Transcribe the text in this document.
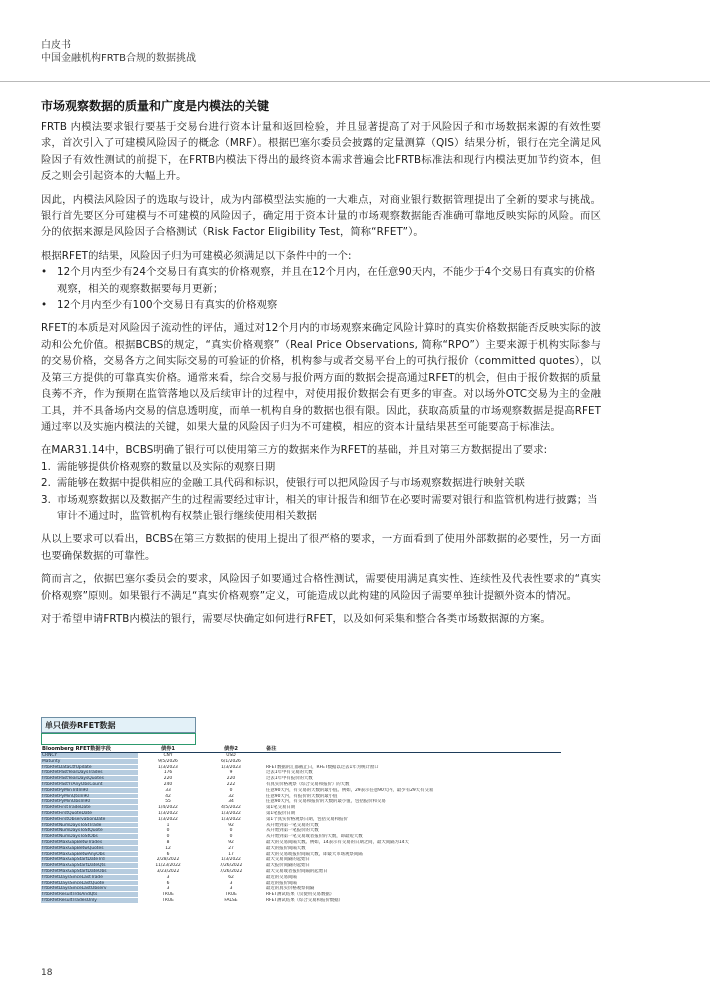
白皮书
中国金融机构FRTB合规的数据挑战
市场观察数据的质量和广度是内模法的关键
FRTB 内模法要求银行要基于交易台进行资本计量和返回检验，并且显著提高了对于风险因子和市场数据来源的有效性要求，首次引入了可建模风险因子的概念（MRF）。根据巴塞尔委员会披露的定量测算（QIS）结果分析，银行在完全满足风险因子有效性测试的前提下，在FRTB内模法下得出的最终资本需求普遍会比FRTB标准法和现行内模法更加节约资本，但反之则会引起资本的大幅上升。
因此，内模法风险因子的选取与设计，成为内部模型法实施的一大难点，对商业银行数据管理提出了全新的要求与挑战。银行首先要区分可建模与不可建模的风险因子，确定用于资本计量的市场观察数据能否准确可靠地反映实际的风险。而区分的依据来源是风险因子合格测试（Risk Factor Eligibility Test，简称“RFET”）。
根据RFET的结果，风险因子归为可建模必须满足以下条件中的一个:
• 12个月内至少有24个交易日有真实的价格观察，并且在12个月内，在任意90天内，不能少于4个交易日有真实的价格观察，相关的观察数据要每月更新；
• 12个月内至少有100个交易日有真实的价格观察
RFET的本质是对风险因子流动性的评估，通过对12个月内的市场观察来确定风险计算时的真实价格数据能否反映实际的波动和公允价值。根据BCBS的规定，“真实价格观察”（Real Price Observations, 简称“RPO”）主要来源于机构实际参与的交易价格，交易各方之间实际交易的可验证的价格，机构参与或者交易平台上的可执行报价（committed quotes），以及第三方提供的可靠真实价格。通常来看，综合交易与报价两方面的数据会提高通过RFET的机会，但由于报价数据的质量良莠不齐，作为预期在监管落地以及后续审计的过程中，对使用报价数据会有更多的审查。对以场外OTC交易为主的金融工具，并不具备场内交易的信息透明度，而单一机构自身的数据也很有限。因此，获取高质量的市场观察数据是提高RFET通过率以及实施内模法的关键，如果大量的风险因子归为不可建模，相应的资本计量结果甚至可能要高于标准法。
在MAR31.14中，BCBS明确了银行可以使用第三方的数据来作为RFET的基础，并且对第三方数据提出了要求:
1. 需能够提供价格观察的数量以及实际的观察日期
2. 需能够在数据中提供相应的金融工具代码和标识，使银行可以把风险因子与市场观察数据进行映射关联
3. 市场观察数据以及数据产生的过程需要经过审计，相关的审计报告和细节在必要时需要对银行和监管机构进行披露；当审计不通过时，监管机构有权禁止银行继续使用相关数据
从以上要求可以看出，BCBS在第三方数据的使用上提出了很严格的要求，一方面看到了使用外部数据的必要性，另一方面也要确保数据的可靠性。
简而言之，依据巴塞尔委员会的要求，风险因子如要通过合格性测试，需要使用满足真实性、连续性及代表性要求的“真实价格观察”原则。如果银行不满足“真实价格观察”定义，可能造成以此构建的风险因子需要单独计提额外资本的情况。
对于希望申请FRTB内模法的银行，需要尽快确定如何进行RFET，以及如何采集和整合各类市场数据源的方案。
单只债券RFET数据
Bloomberg RFET数据字段	债券1	债券2	备注
CRNCY	CNY	USD
Maturity	9/5/2026	6/1/2026
frtbRfetDataCtfUpdate	1/3/2023	1/3/2023	RFET数据的汇都截止日，RFET数据以过去1年为统计窗口
frtbRfetPastYearDaysTrades	176	9	过去1年中有交易的天数
frtbRfetPastYearDaysQuotes	220	220	过去1年中有报价的天数
frtbRfetPastYrAnyObsCount	240	222	有真实价格观察（综合交易和报价）的天数
frtbRfetPyMinTrdIn90	33	0	任意90天内，有交易的天数的最小值。例如，29表示任意90天内，最少有29天有交易
frtbRfetPyMinQtsIn90	42	32	任意90天内，有报价的天数的最小值
frtbRfetPyMinObsIn90	55	34	任意90天内，有交易和报价的天数的最小值，包括报价和交易
frtbRfetFirstTradeDate	1/4/2022	4/5/2022	第1笔交易日期
frtbRfetFirstQuoteDate	1/3/2022	1/3/2022	第1笔报价日期
frtbRfetFirstObservationDate	1/3/2022	1/3/2022	第1个真实价格观察日期，包括交易和报价
frtbRfetNumDaysToStTrade	1	92	从开始到第一笔交易的天数
frtbRfetNumDaysToStQuote	0	0	从开始到第一笔报价的天数
frtbRfetNumDaysToStObs	0	0	从开始到第一笔交易或者报价的天数，即最短天数
frtbRfetMaxGapBetwTrades	8	92	最大的交易间隔天数。例如，14表示有交易的日期之间，最大间隔为14天
frtbRfetMaxGapBetwQuotes	12	27	最大的报价间隔天数
frtbRfetMaxGapBetwAnyObs	6	17	最大的交易或报价间隔天数，即最大市场观察间隔
frtbRfetMaxGapStartDateTrd	2/28/2022	1/3/2022	最大交易间隔的起始日
frtbRfetMaxGapStartDateQts	11/23/2022	7/26/2022	最大报价间隔的起始日
frtbRfetMaxGapStartDateObs	3/23/2022	7/26/2022	最大交易或者报价间隔的起始日
frtbRfetDaysSinceLastTrade	3	62	最近的交易间隔
frtbRfetDaysSinceLastQuote	6	3	最近的报价间隔
frtbRfetDaysSinceLastObserv	3	3	最近的真实价格观察间隔
frtbRfetResultTrdsAndQts	TRUE	TRUE	RFET测试结果（仅使用交易数据）
frtbRfetResultTradesOnly	TRUE	FALSE	RFET测试结果（综合交易和报价数据）
18
